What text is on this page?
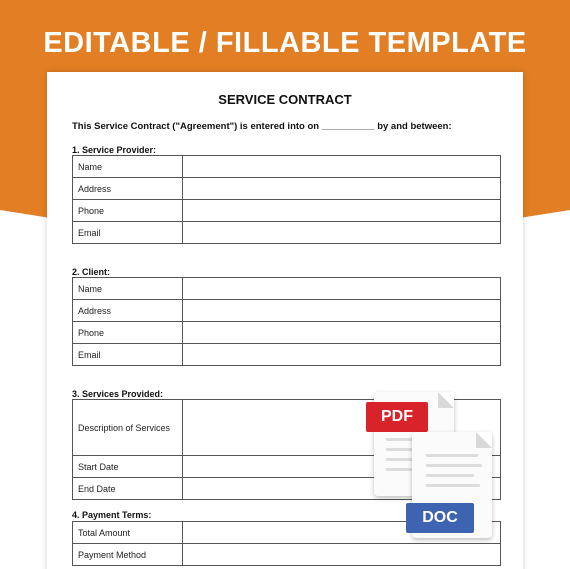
EDITABLE / FILLABLE TEMPLATE
SERVICE CONTRACT
This Service Contract ("Agreement") is entered into on __________ by and between:
1. Service Provider:
Name	
Address	
Phone	
Email	
2. Client:
Name	
Address	
Phone	
Email	
3. Services Provided:
Description of Services	
Start Date	
End Date	
4. Payment Terms:
Total Amount	
Payment Method	
PDF
DOC
